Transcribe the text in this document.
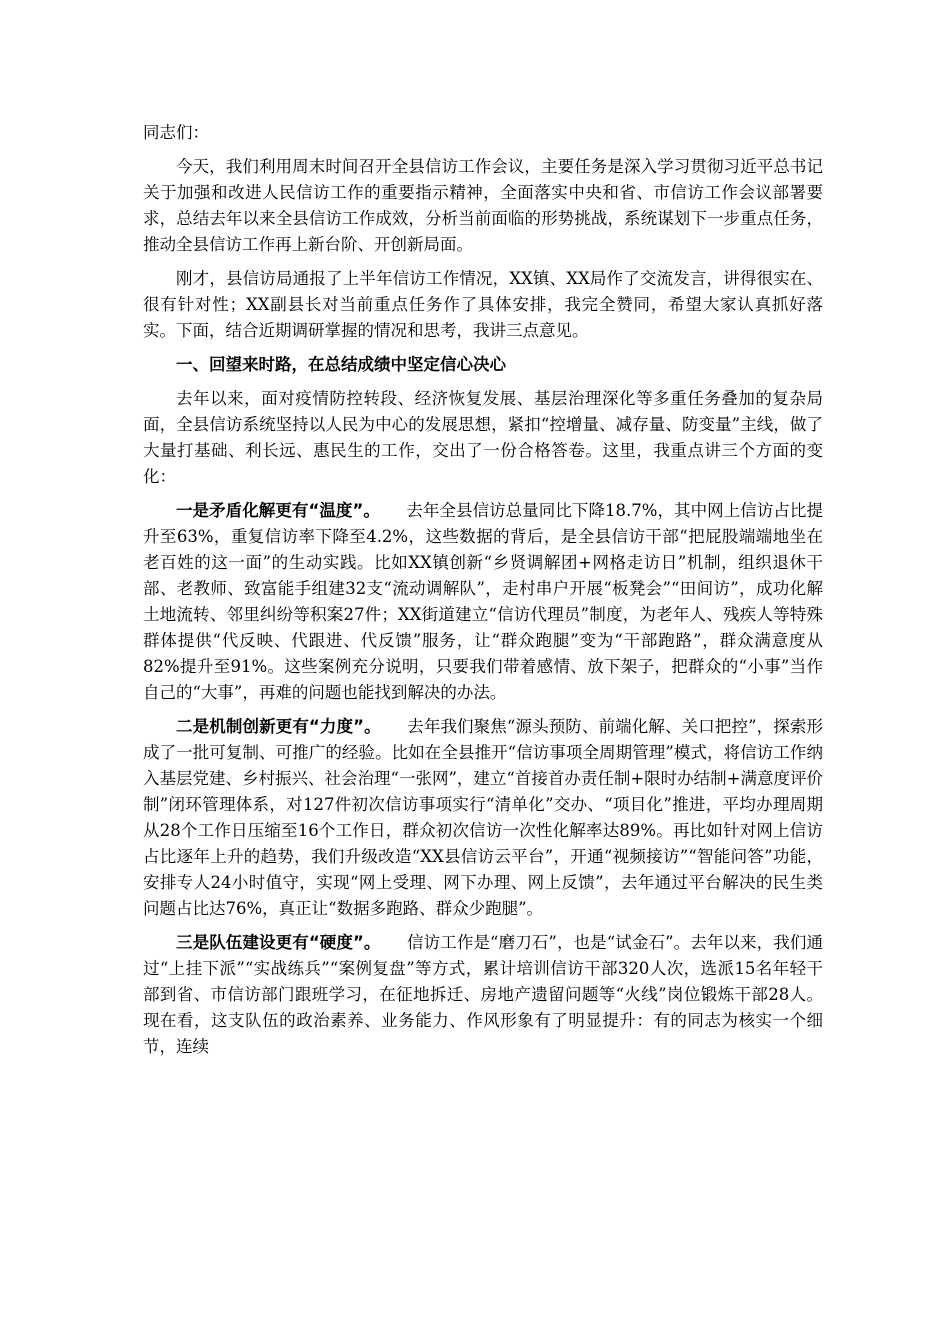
同志们：

今天，我们利用周末时间召开全县信访工作会议，主要任务是深入学习贯彻习近平总书记关于加强和改进人民信访工作的重要指示精神，全面落实中央和省、市信访工作会议部署要求，总结去年以来全县信访工作成效，分析当前面临的形势挑战，系统谋划下一步重点任务，推动全县信访工作再上新台阶、开创新局面。

刚才，县信访局通报了上半年信访工作情况，XX镇、XX局作了交流发言，讲得很实在、很有针对性；XX副县长对当前重点任务作了具体安排，我完全赞同，希望大家认真抓好落实。下面，结合近期调研掌握的情况和思考，我讲三点意见。

一、回望来时路，在总结成绩中坚定信心决心

去年以来，面对疫情防控转段、经济恢复发展、基层治理深化等多重任务叠加的复杂局面，全县信访系统坚持以人民为中心的发展思想，紧扣“控增量、减存量、防变量”主线，做了大量打基础、利长远、惠民生的工作，交出了一份合格答卷。这里，我重点讲三个方面的变化：

一是矛盾化解更有“温度”。 去年全县信访总量同比下降18.7%，其中网上信访占比提升至63%，重复信访率下降至4.2%，这些数据的背后，是全县信访干部“把屁股端端地坐在老百姓的这一面”的生动实践。比如XX镇创新“乡贤调解团+网格走访日”机制，组织退休干部、老教师、致富能手组建32支“流动调解队”，走村串户开展“板凳会”“田间访”，成功化解土地流转、邻里纠纷等积案27件；XX街道建立“信访代理员”制度，为老年人、残疾人等特殊群体提供“代反映、代跟进、代反馈”服务，让“群众跑腿”变为“干部跑路”，群众满意度从82%提升至91%。这些案例充分说明，只要我们带着感情、放下架子，把群众的“小事”当作自己的“大事”，再难的问题也能找到解决的办法。

二是机制创新更有“力度”。 去年我们聚焦“源头预防、前端化解、关口把控”，探索形成了一批可复制、可推广的经验。比如在全县推开“信访事项全周期管理”模式，将信访工作纳入基层党建、乡村振兴、社会治理“一张网”，建立“首接首办责任制+限时办结制+满意度评价制”闭环管理体系，对127件初次信访事项实行“清单化”交办、“项目化”推进，平均办理周期从28个工作日压缩至16个工作日，群众初次信访一次性化解率达89%。再比如针对网上信访占比逐年上升的趋势，我们升级改造“XX县信访云平台”，开通“视频接访”“智能问答”功能，安排专人24小时值守，实现“网上受理、网下办理、网上反馈”，去年通过平台解决的民生类问题占比达76%，真正让“数据多跑路、群众少跑腿”。

三是队伍建设更有“硬度”。 信访工作是“磨刀石”，也是“试金石”。去年以来，我们通过“上挂下派”“实战练兵”“案例复盘”等方式，累计培训信访干部320人次，选派15名年轻干部到省、市信访部门跟班学习，在征地拆迁、房地产遗留问题等“火线”岗位锻炼干部28人。现在看，这支队伍的政治素养、业务能力、作风形象有了明显提升：有的同志为核实一个细节，连续
